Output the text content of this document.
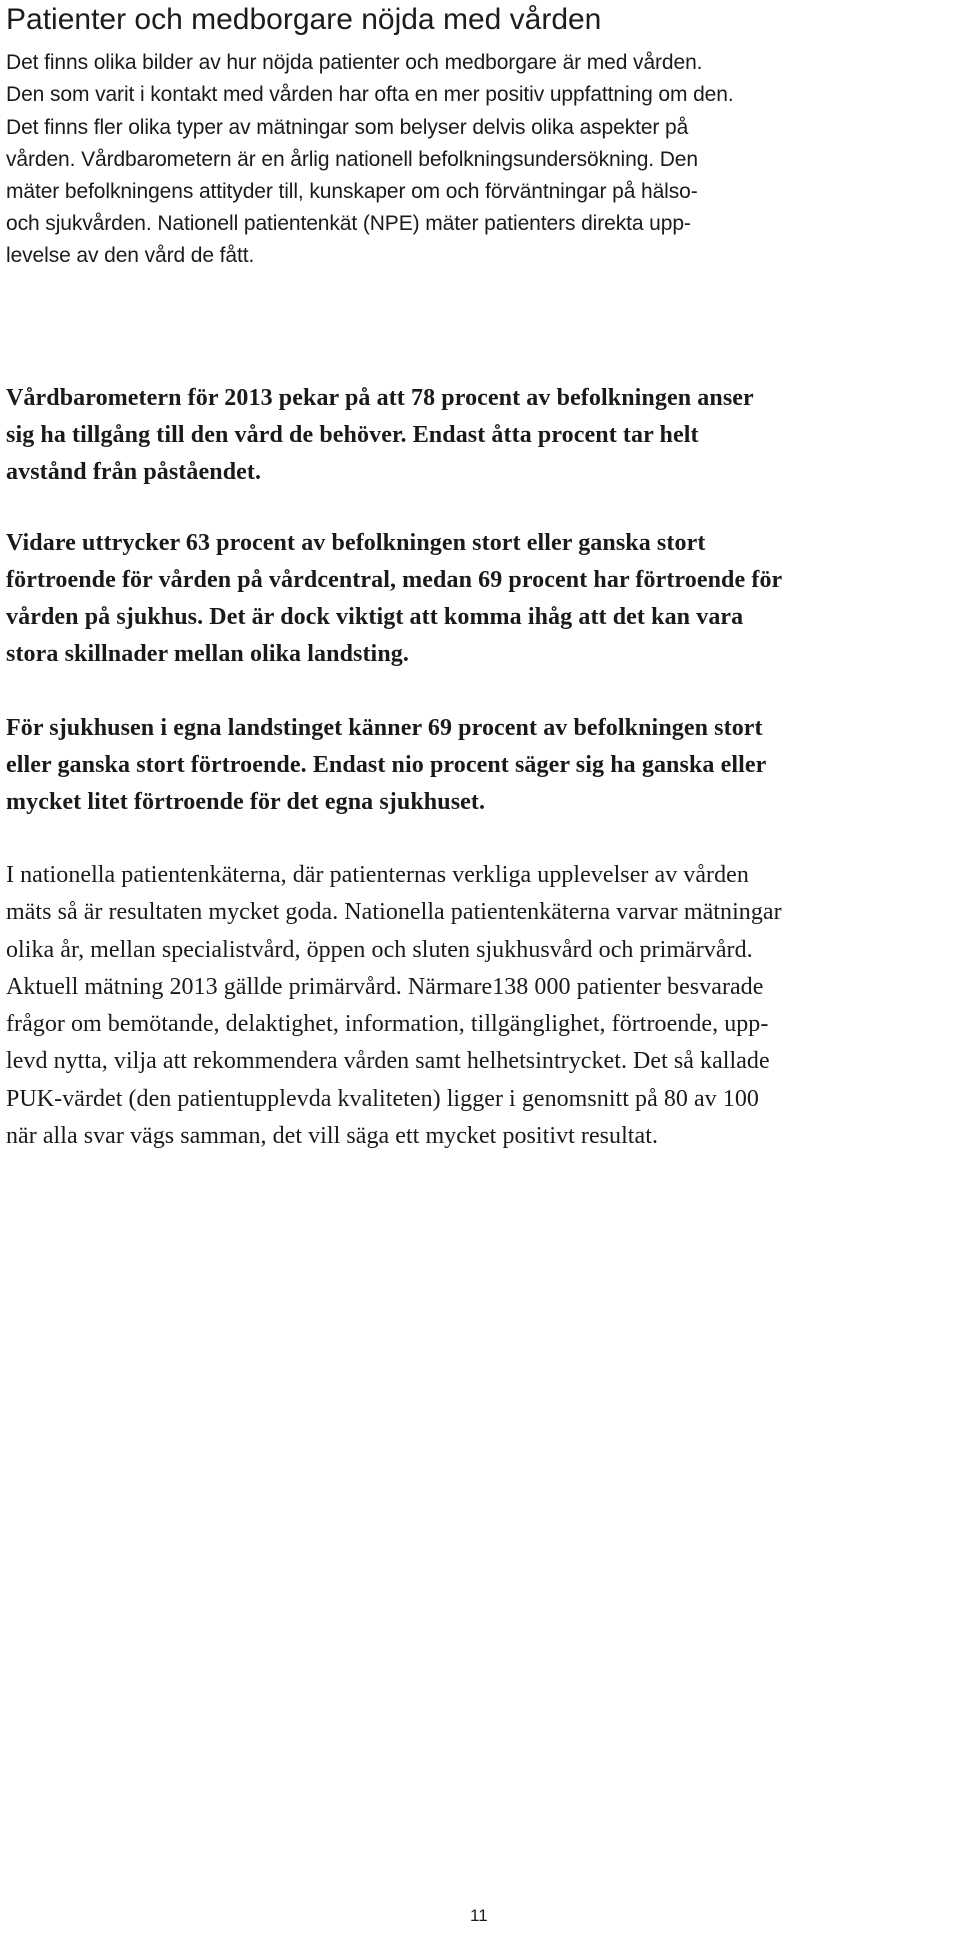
Patienter och medborgare nöjda med vården

Det finns olika bilder av hur nöjda patienter och medborgare är med vården.
Den som varit i kontakt med vården har ofta en mer positiv uppfattning om den.

Det finns fler olika typer av mätningar som belyser delvis olika aspekter på
vården. Vårdbarometern är en årlig nationell befolkningsundersökning. Den
mäter befolkningens attityder till, kunskaper om och förväntningar på hälso-
och sjukvården. Nationell patientenkät (NPE) mäter patienters direkta upp-
levelse av den vård de fått.

Vårdbarometern för 2013 pekar på att 78 procent av befolkningen anser
sig ha tillgång till den vård de behöver. Endast åtta procent tar helt
avstånd från påståendet.

Vidare uttrycker 63 procent av befolkningen stort eller ganska stort
förtroende för vården på vårdcentral, medan 69 procent har förtroende för
vården på sjukhus. Det är dock viktigt att komma ihåg att det kan vara
stora skillnader mellan olika landsting.

För sjukhusen i egna landstinget känner 69 procent av befolkningen stort
eller ganska stort förtroende. Endast nio procent säger sig ha ganska eller
mycket litet förtroende för det egna sjukhuset.

I nationella patientenkäterna, där patienternas verkliga upplevelser av vården
mäts så är resultaten mycket goda. Nationella patientenkäterna varvar mätningar
olika år, mellan specialistvård, öppen och sluten sjukhusvård och primärvård.
Aktuell mätning 2013 gällde primärvård. Närmare138 000 patienter besvarade
frågor om bemötande, delaktighet, information, tillgänglighet, förtroende, upp-
levd nytta, vilja att rekommendera vården samt helhetsintrycket. Det så kallade
PUK-värdet (den patientupplevda kvaliteten) ligger i genomsnitt på 80 av 100
när alla svar vägs samman, det vill säga ett mycket positivt resultat.

11
